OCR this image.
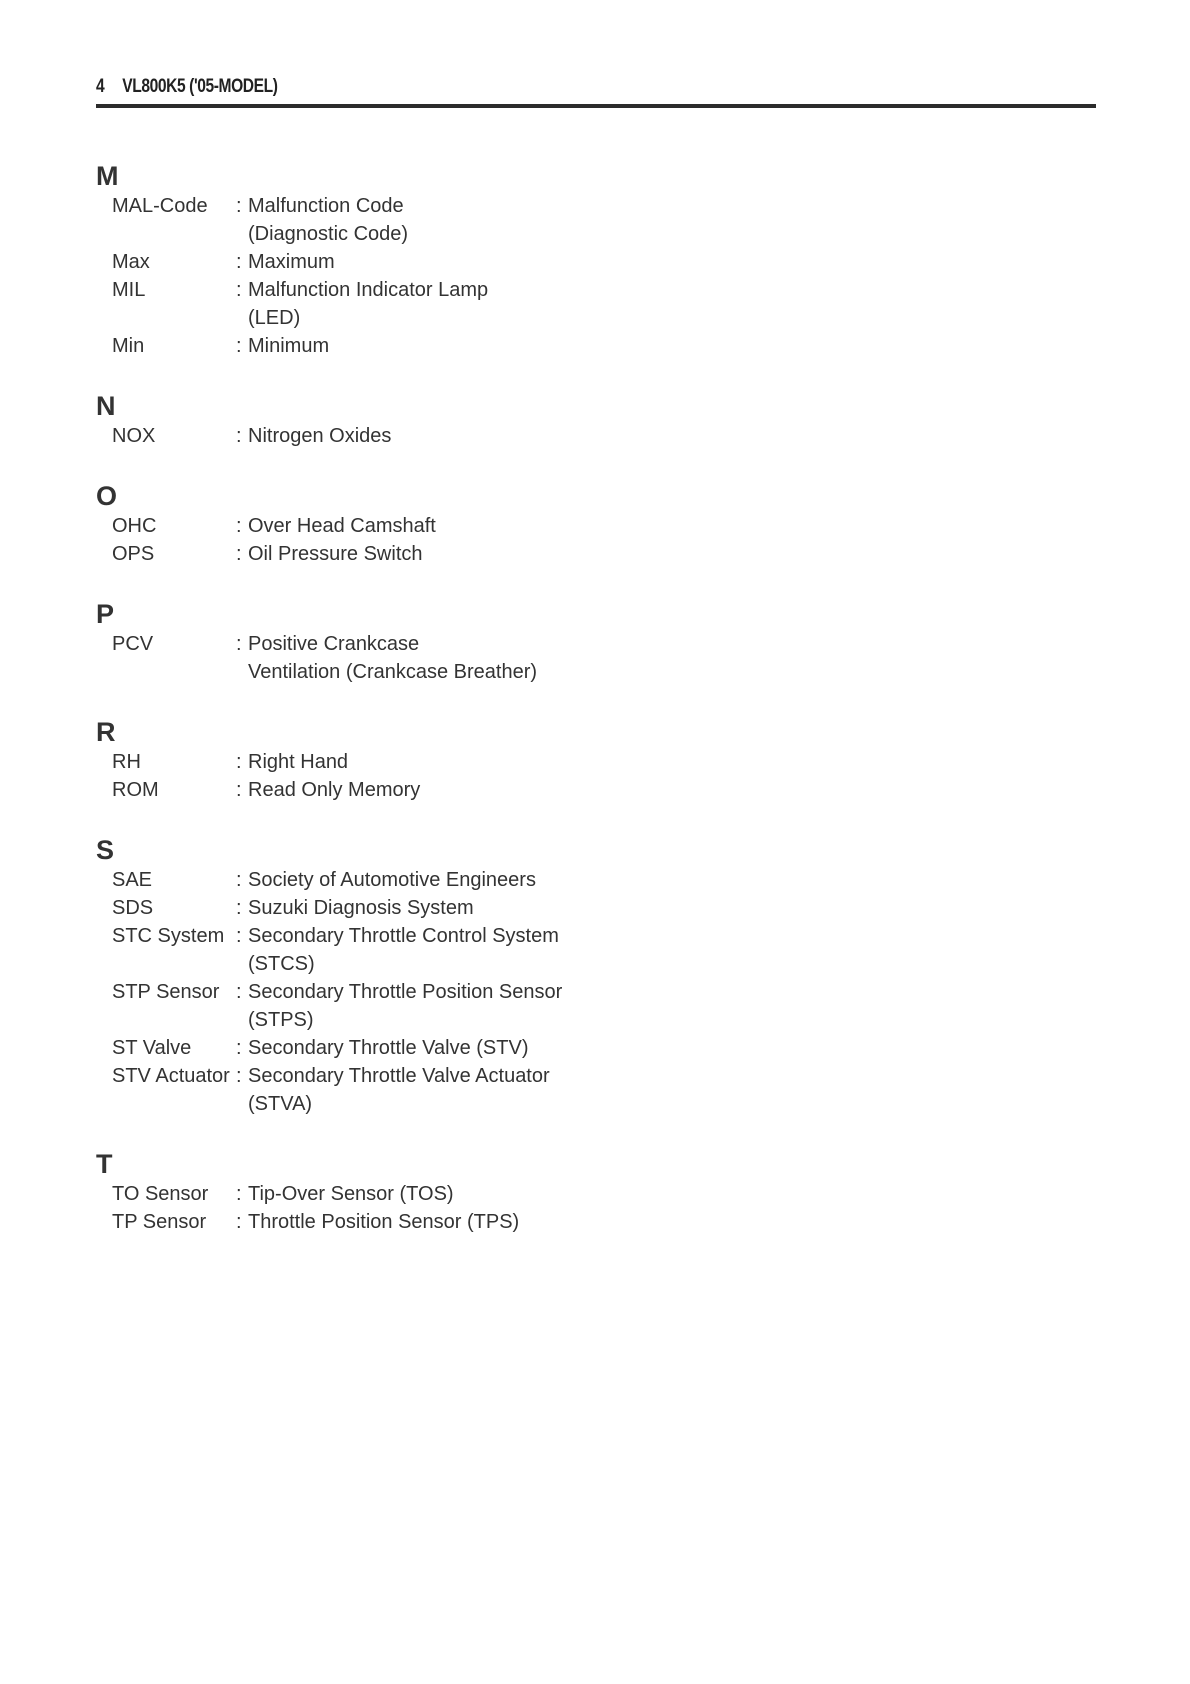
4 VL800K5 ('05-MODEL)
M
MAL-Code	: Malfunction Code
(Diagnostic Code)
Max	: Maximum
MIL	: Malfunction Indicator Lamp
(LED)
Min	: Minimum
N
NOX	: Nitrogen Oxides
O
OHC	: Over Head Camshaft
OPS	: Oil Pressure Switch
P
PCV	: Positive Crankcase
Ventilation (Crankcase Breather)
R
RH	: Right Hand
ROM	: Read Only Memory
S
SAE	: Society of Automotive Engineers
SDS	: Suzuki Diagnosis System
STC System : Secondary Throttle Control System
(STCS)
STP Sensor : Secondary Throttle Position Sensor
(STPS)
ST Valve	: Secondary Throttle Valve (STV)
STV Actuator : Secondary Throttle Valve Actuator
(STVA)
T
TO Sensor	: Tip-Over Sensor (TOS)
TP Sensor	: Throttle Position Sensor (TPS)
